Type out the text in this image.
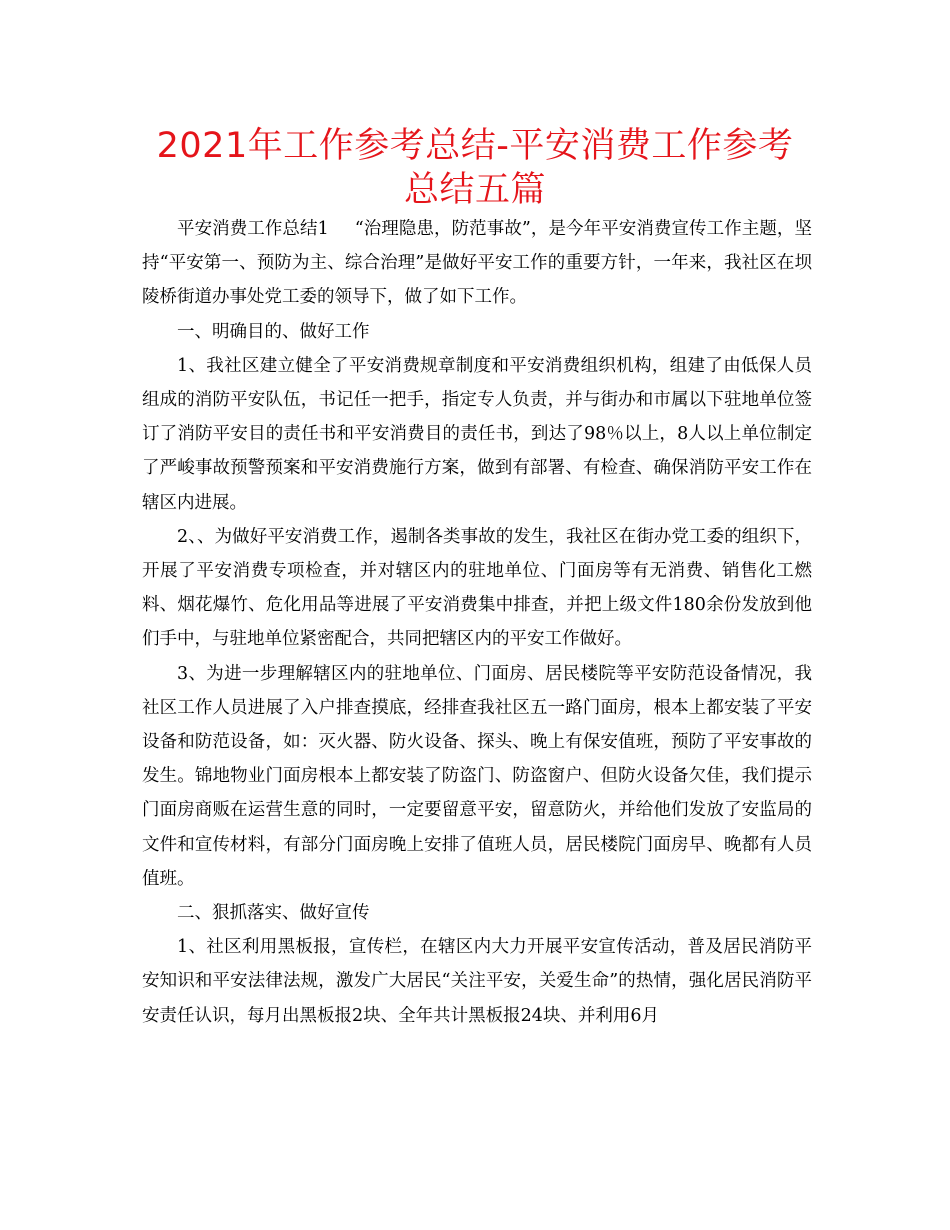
2021年工作参考总结-平安消费工作参考总结五篇

平安消费工作总结1 “治理隐患，防范事故”，是今年平安消费宣传工作主题，坚持“平安第一、预防为主、综合治理”是做好平安工作的重要方针，一年来，我社区在坝陵桥街道办事处党工委的领导下，做了如下工作。

一、明确目的、做好工作

1、我社区建立健全了平安消费规章制度和平安消费组织机构，组建了由低保人员组成的消防平安队伍，书记任一把手，指定专人负责，并与街办和市属以下驻地单位签订了消防平安目的责任书和平安消费目的责任书，到达了98％以上，8人以上单位制定了严峻事故预警预案和平安消费施行方案，做到有部署、有检查、确保消防平安工作在辖区内进展。

2、、为做好平安消费工作，遏制各类事故的发生，我社区在街办党工委的组织下，开展了平安消费专项检查，并对辖区内的驻地单位、门面房等有无消费、销售化工燃料、烟花爆竹、危化用品等进展了平安消费集中排查，并把上级文件180余份发放到他们手中，与驻地单位紧密配合，共同把辖区内的平安工作做好。

3、为进一步理解辖区内的驻地单位、门面房、居民楼院等平安防范设备情况，我社区工作人员进展了入户排查摸底，经排查我社区五一路门面房，根本上都安装了平安设备和防范设备，如：灭火器、防火设备、探头、晚上有保安值班，预防了平安事故的发生。锦地物业门面房根本上都安装了防盗门、防盗窗户、但防火设备欠佳，我们提示门面房商贩在运营生意的同时，一定要留意平安，留意防火，并给他们发放了安监局的文件和宣传材料，有部分门面房晚上安排了值班人员，居民楼院门面房早、晚都有人员值班。

二、狠抓落实、做好宣传

1、社区利用黑板报，宣传栏，在辖区内大力开展平安宣传活动，普及居民消防平安知识和平安法律法规，激发广大居民“关注平安，关爱生命”的热情，强化居民消防平安责任认识，每月出黑板报2块、全年共计黑板报24块、并利用6月
